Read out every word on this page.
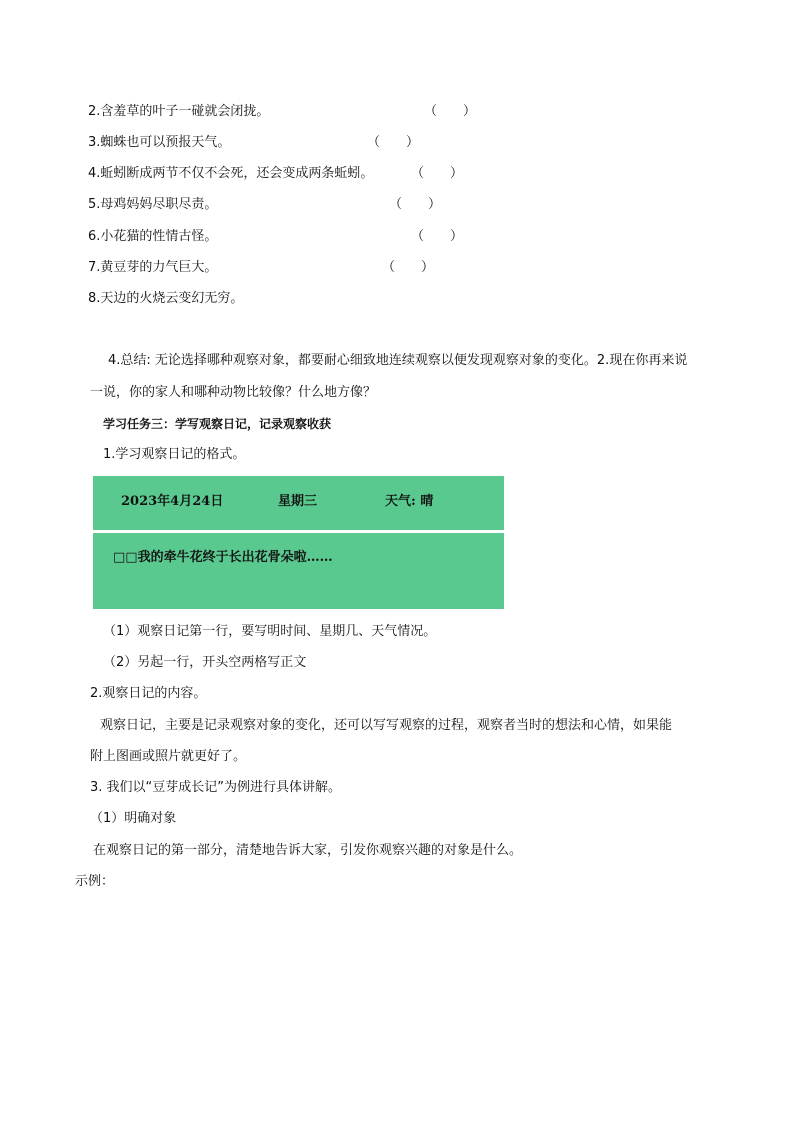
2.含羞草的叶子一碰就会闭拢。	（　　）
3.蜘蛛也可以预报天气。	（　　）
4.蚯蚓断成两节不仅不会死，还会变成两条蚯蚓。	（　　）
5.母鸡妈妈尽职尽责。	（　　）
6.小花猫的性情古怪。	（　　）
7.黄豆芽的力气巨大。	（　　）
8.天边的火烧云变幻无穷。
4.总结: 无论选择哪种观察对象，都要耐心细致地连续观察以便发现观察对象的变化。2.现在你再来说
一说，你的家人和哪种动物比较像？什么地方像？
学习任务三：学写观察日记，记录观察收获
1.学习观察日记的格式。
2023年4月24日	星期三	天气: 晴
□□我的牵牛花终于长出花骨朵啦……
（1）观察日记第一行，要写明时间、星期几、天气情况。
（2）另起一行，开头空两格写正文
2.观察日记的内容。
观察日记，主要是记录观察对象的变化，还可以写写观察的过程，观察者当时的想法和心情，如果能
附上图画或照片就更好了。
3. 我们以“豆芽成长记”为例进行具体讲解。
（1）明确对象
在观察日记的第一部分，清楚地告诉大家，引发你观察兴趣的对象是什么。
示例：
